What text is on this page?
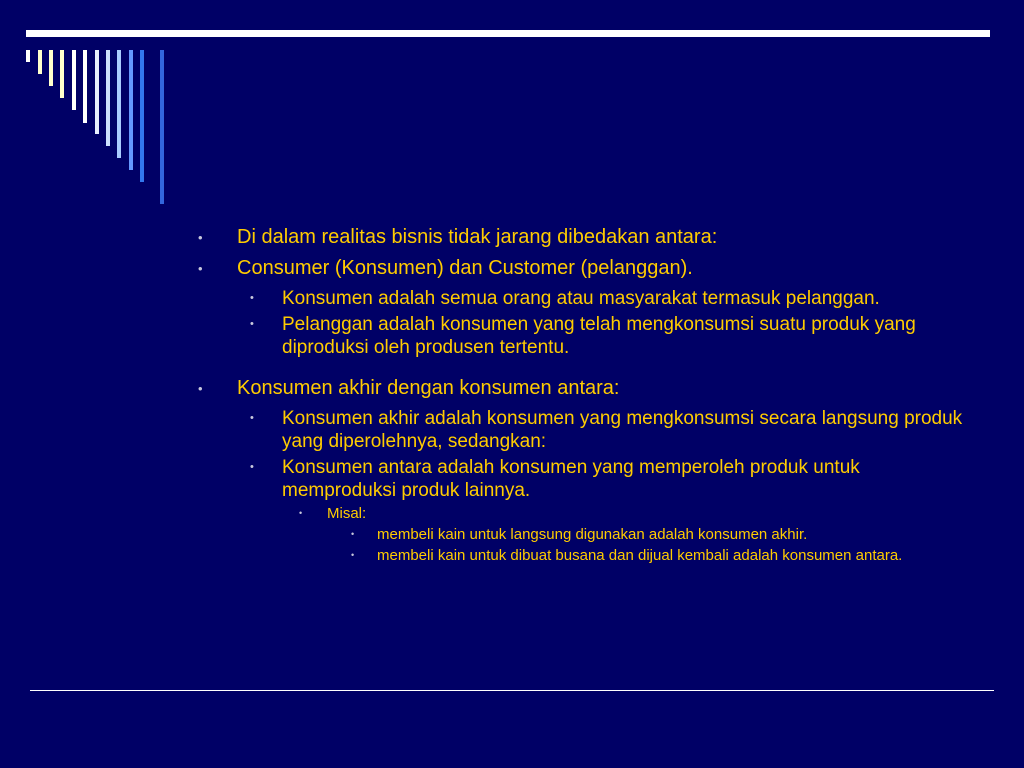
• Di dalam realitas bisnis tidak jarang dibedakan antara:
• Consumer (Konsumen) dan Customer (pelanggan).
• Konsumen adalah semua orang atau masyarakat termasuk pelanggan.
• Pelanggan adalah konsumen yang telah mengkonsumsi suatu produk yang diproduksi oleh produsen tertentu.
• Konsumen akhir dengan konsumen antara:
• Konsumen akhir adalah konsumen yang mengkonsumsi secara langsung produk yang diperolehnya, sedangkan:
• Konsumen antara adalah konsumen yang memperoleh produk untuk memproduksi produk lainnya.
• Misal:
• membeli kain untuk langsung digunakan adalah konsumen akhir.
• membeli kain untuk dibuat busana dan dijual kembali adalah konsumen antara.
